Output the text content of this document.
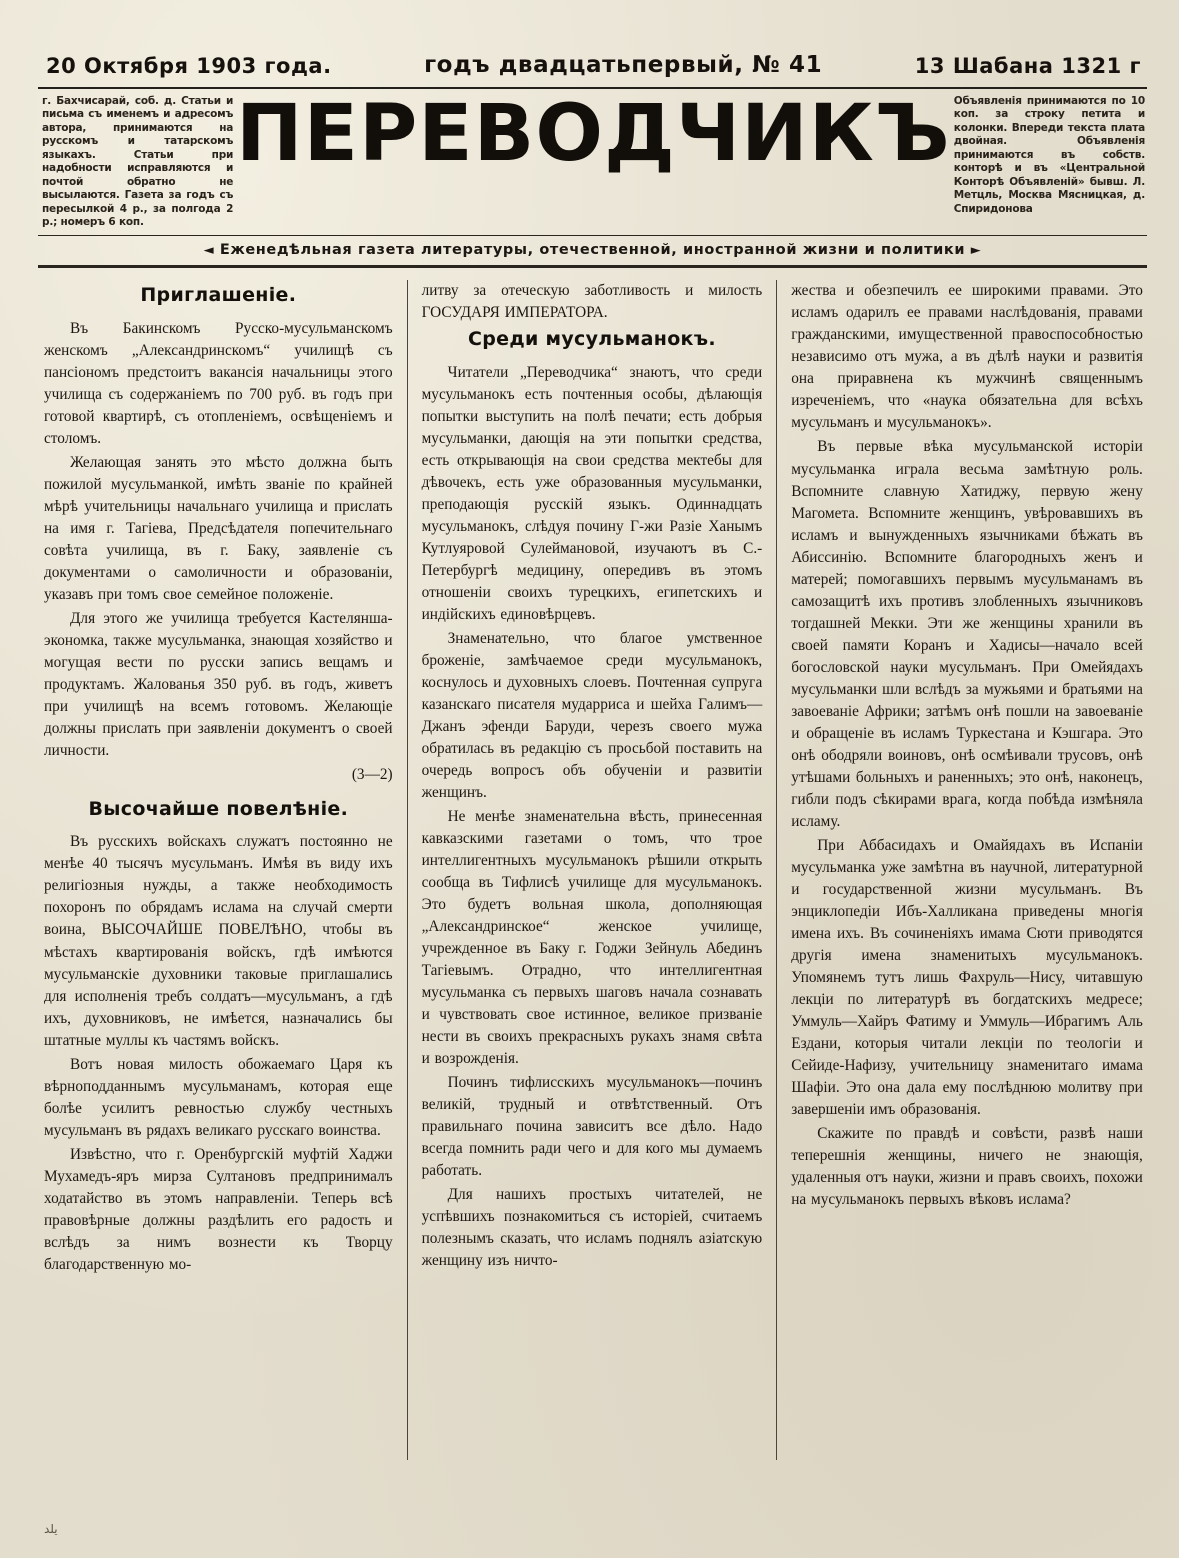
20 Октября 1903 года.	годъ двадцатьпервый, № 41	13 Шабана 1321 г
г. Бахчисарай, соб. д. Статьи и письма съ именемъ и адресомъ автора, принимаются на русскомъ и татарскомъ языкахъ. Статьи при надобности исправляются и почтой обратно не высылаются. Газета за годъ съ пересылкой 4 р., за полгода 2 р.; номеръ 6 коп.
ПЕРЕВОДЧИКЪ Объявленія принимаются по 10 коп. за строку петита и колонки. Впереди текста плата двойная. Объявленія принимаются въ собств. конторѣ и въ «Центральной Конторѣ Объявленій» бывш. Л. Метцль, Москва Мясницкая, д. Спиридонова
◄ Еженедѣльная газета литературы, отечественной, иностранной жизни и политики ►
Приглашеніе.

Въ Бакинскомъ Русско-мусульманскомъ женскомъ „Александринскомъ“ училищѣ съ пансіономъ предстоитъ ваканciя начальницы этого училища съ содержаніемъ по 700 руб. въ годъ при готовой квартирѣ, съ отопленіемъ, освѣщеніемъ и столомъ.

Желающая занять это мѣсто должна быть пожилой мусульманкой, имѣть званіе по крайней мѣрѣ учительницы начальнаго училища и прислать на имя г. Тагіева, Предсѣдателя попечительнаго совѣта училища, въ г. Баку, заявленіе съ документами о самоличности и образованіи, указавъ при томъ свое семейное положеніе.

Для этого же училища требуется Кастелянша-экономка, также мусульманка, знающая хозяйство и могущая вести по русски запись вещамъ и продуктамъ. Жалованья 350 руб. въ годъ, живетъ при училищѣ на всемъ готовомъ. Желающіе должны прислать при заявленіи документъ о своей личности.

(3—2)
Высочайше повелѣніе.

Въ русскихъ войскахъ служатъ постоянно не менѣе 40 тысячъ мусульманъ. Имѣя въ виду ихъ религіозныя нужды, а также необходимость похоронъ по обрядамъ ислама на случай смерти воина, ВЫСОЧАЙШЕ ПОВЕЛѢНО, чтобы въ мѣстахъ квартированія войскъ, гдѣ имѣются мусульманскіе духовники таковые приглашались для исполненія требъ солдатъ—мусульманъ, а гдѣ ихъ, духовниковъ, не имѣется, назначались бы штатные муллы къ частямъ войскъ.

Вотъ новая милость обожаемаго Царя къ вѣрноподданнымъ мусульманамъ, которая еще болѣе усилитъ ревностью службу честныхъ мусульманъ въ рядахъ великаго русскаго воинства.

Извѣстно, что г. Оренбургскій муфтій Хаджи Мухамедъ-яръ мирза Султановъ предпринималъ ходатайство въ этомъ направленіи. Теперь всѣ правовѣрные должны раздѣлить его радость и вслѣдъ за нимъ вознести къ Творцу благодарственную мо-

литву за отеческую заботливость и милость ГОСУДАРЯ ИМПЕРАТОРА.

Среди мусульманокъ.

Читатели „Переводчика“ знаютъ, что среди мусульманокъ есть почтенныя особы, дѣлающія попытки выступить на полѣ печати; есть добрыя мусульманки, дающія на эти попытки средства, есть открывающія на свои средства мектебы для дѣвочекъ, есть уже образованныя мусульманки, преподающія русскій языкъ. Одиннадцать мусульманокъ, слѣдуя почину Г-жи Разіе Ханымъ Кутлуяровой Сулеймановой, изучаютъ въ С.-Петербургѣ медицину, опередивъ въ этомъ отношеніи своихъ турецкихъ, египетскихъ и индійскихъ единовѣрцевъ.

Знаменательно, что благое умственное броженіе, замѣчаемое среди мусульманокъ, коснулось и духовныхъ слоевъ. Почтенная супруга казанскаго писателя мударриса и шейха Галимъ—Джанъ эфенди Баруди, черезъ своего мужа обратилась въ редакцію съ просьбой поставить на очередь вопросъ объ обученіи и развитіи женщинъ.

Не менѣе знаменательна вѣсть, принесенная кавказскими газетами о томъ, что трое интеллигентныхъ мусульманокъ рѣшили открыть сообща въ Тифлисѣ училище для мусульманокъ. Это будетъ вольная школа, дополняющая „Александринское“ женское училище, учрежденное въ Баку г. Годжи Зейнуль Абединъ Тагіевымъ. Отрадно, что интеллигентная мусульманка съ первыхъ шаговъ начала сознавать и чувствовать свое истинное, великое призваніе нести въ своихъ прекрасныхъ рукахъ знамя свѣта и возрожденія.

Починъ тифлисскихъ мусульманокъ—починъ великій, трудный и отвѣтственный. Отъ правильнаго почина зависитъ все дѣло. Надо всегда помнить ради чего и для кого мы думаемъ работать.

Для нашихъ простыхъ читателей, не успѣвшихъ познакомиться съ исторіей, считаемъ полезнымъ сказать, что исламъ поднялъ азіатскую женщину изъ ничто-

жества и обезпечилъ ее широкими правами. Это исламъ одарилъ ее правами наслѣдованія, правами гражданскими, имущественной правоспособностью независимо отъ мужа, а въ дѣлѣ науки и развитія она приравнена къ мужчинѣ священнымъ изреченіемъ, что «наука обязательна для всѣхъ мусульманъ и мусульманокъ».

Въ первые вѣка мусульманской исторіи мусульманка играла весьма замѣтную роль. Вспомните славную Хатиджу, первую жену Магомета. Вспомните женщинъ, увѣровавшихъ въ исламъ и вынужденныхъ язычниками бѣжать въ Абиссинію. Вспомните благородныхъ женъ и матерей; помогавшихъ первымъ мусульманамъ въ самозащитѣ ихъ противъ злобленныхъ язычниковъ тогдашней Мекки. Эти же женщины хранили въ своей памяти Коранъ и Хадисы—начало всей богословской науки мусульманъ. При Омейядахъ мусульманки шли вслѣдъ за мужьями и братьями на завоеваніе Африки; затѣмъ онѣ пошли на завоеваніе и обращеніе въ исламъ Туркестана и Кэшгара. Это онѣ ободряли воиновъ, онѣ осмѣивали трусовъ, онѣ утѣшами больныхъ и раненныхъ; это онѣ, наконецъ, гибли подъ сѣкирами врага, когда побѣда измѣняла исламу.

При Аббасидахъ и Омайядахъ въ Испаніи мусульманка уже замѣтна въ научной, литературной и государственной жизни мусульманъ. Въ энциклопедіи Ибъ-Халликана приведены многія имена ихъ. Въ сочиненіяхъ имама Сюти приводятся другія имена знаменитыхъ мусульманокъ. Упомянемъ тутъ лишь Фахруль—Нису, читавшую лекціи по литературѣ въ богдатскихъ медресе; Уммуль—Хайръ Фатиму и Уммуль—Ибрагимъ Аль Ездани, которыя читали лекціи по теологіи и Сейиде-Нафизу, учительницу знаменитаго имама Шафіи. Это она дала ему послѣднюю молитву при завершеніи имъ образованія.

Скажите по правдѣ и совѣсти, развѣ наши теперешнія женщины, ничего не знающія, удаленныя отъ науки, жизни и правъ своихъ, похожи на мусульманокъ первыхъ вѣковъ ислама?

يلد
